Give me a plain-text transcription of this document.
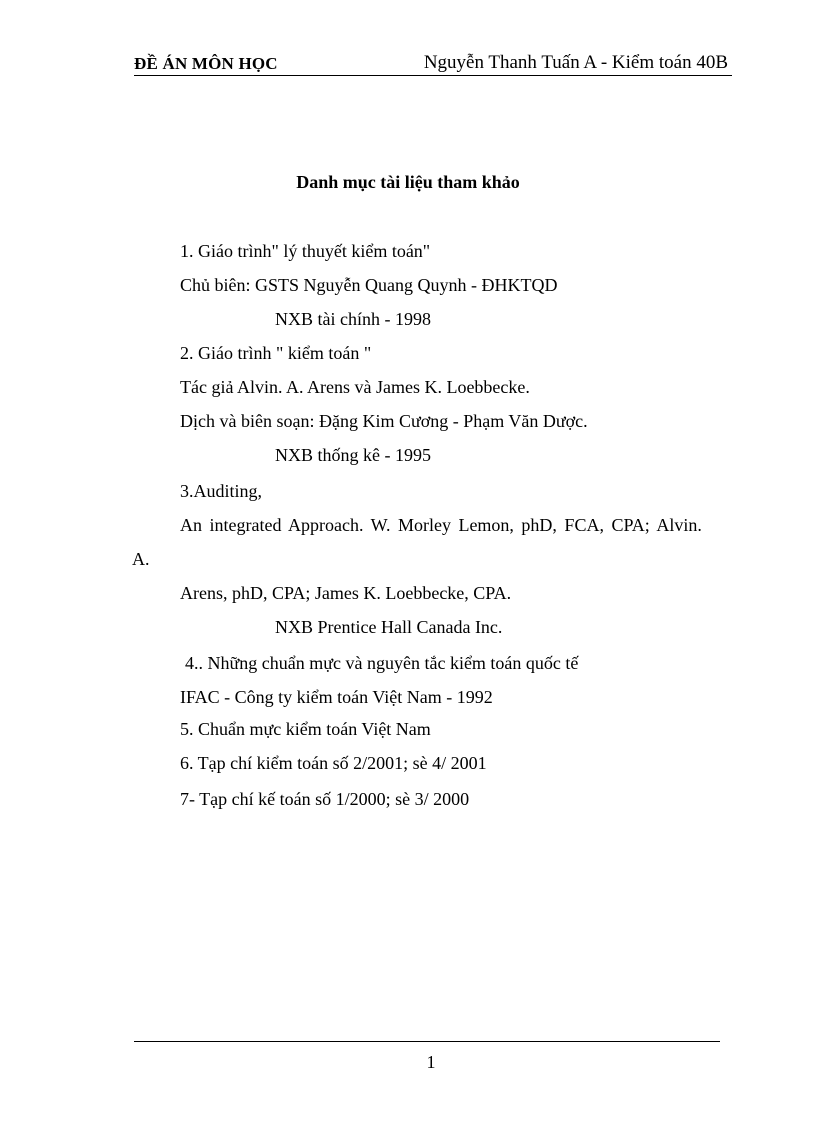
ĐỀ ÁN MÔN HỌC	Nguyễn Thanh Tuấn A - Kiểm toán 40B
Danh mục tài liệu tham khảo
1. Giáo trình" lý thuyết kiểm toán"
Chủ biên: GSTS Nguyễn Quang Quynh - ĐHKTQD
NXB tài chính - 1998
2. Giáo trình " kiểm toán "
Tác giả Alvin. A. Arens và James K. Loebbecke.
Dịch và biên soạn: Đặng Kim Cương - Phạm Văn Dược.
NXB thống kê - 1995
3.Auditing,
An integrated Approach. W. Morley Lemon, phD, FCA, CPA; Alvin.
A.
Arens, phD, CPA; James K. Loebbecke, CPA.
NXB Prentice Hall Canada Inc.
4.. Những chuẩn mực và nguyên tắc kiểm toán quốc tế
IFAC - Công ty kiểm toán Việt Nam - 1992
5. Chuẩn mực kiểm toán Việt Nam
6. Tạp chí kiểm toán số 2/2001; sè 4/ 2001
7- Tạp chí kế toán số 1/2000; sè 3/ 2000
1
